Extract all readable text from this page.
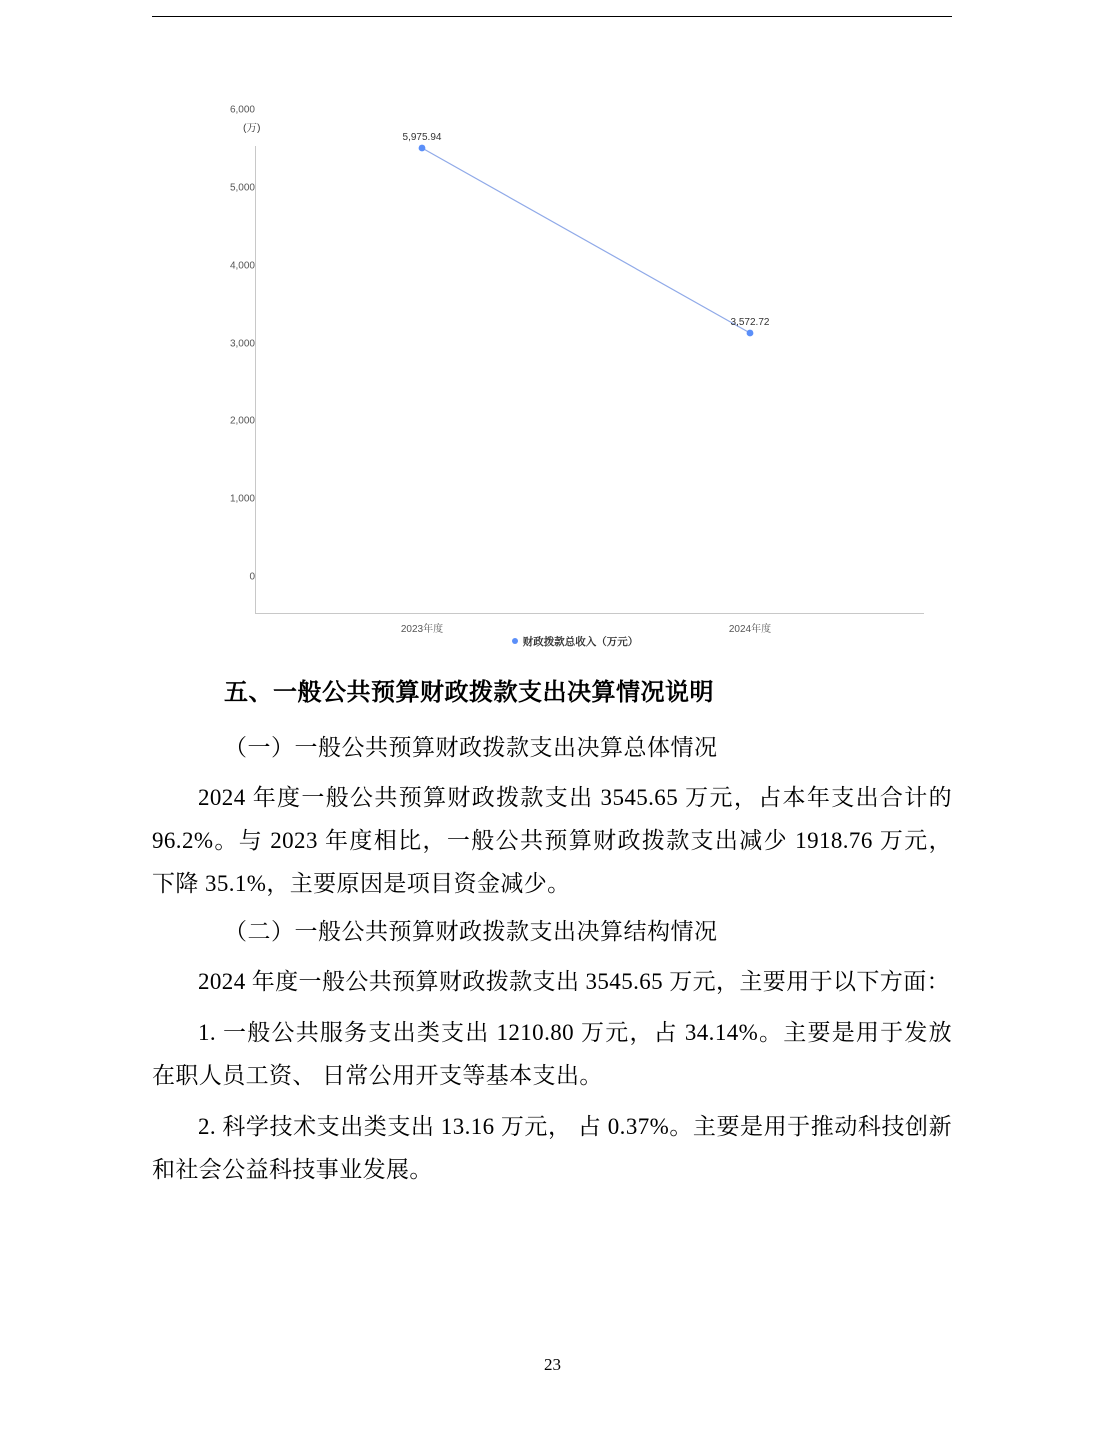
(万)
0
1,000
2,000
3,000
4,000
5,000
6,000
2023年度	2024年度
5,975.94
3,572.72
财政拨款总收入（万元）
五、一般公共预算财政拨款支出决算情况说明
（一）一般公共预算财政拨款支出决算总体情况

2024 年度一般公共预算财政拨款支出 3545.65 万元，占本年支出合计的 96.2%。与 2023 年度相比，一般公共预算财政拨款支出减少 1918.76 万元， 下降 35.1%，主要原因是项目资金减少。

（二）一般公共预算财政拨款支出决算结构情况

2024 年度一般公共预算财政拨款支出 3545.65 万元，主要用于以下方面：

1. 一般公共服务支出类支出 1210.80 万元，占 34.14%。主要是用于发放在职人员工资、 日常公用开支等基本支出。

2. 科学技术支出类支出 13.16 万元， 占 0.37%。主要是用于推动科技创新和社会公益科技事业发展。

23
